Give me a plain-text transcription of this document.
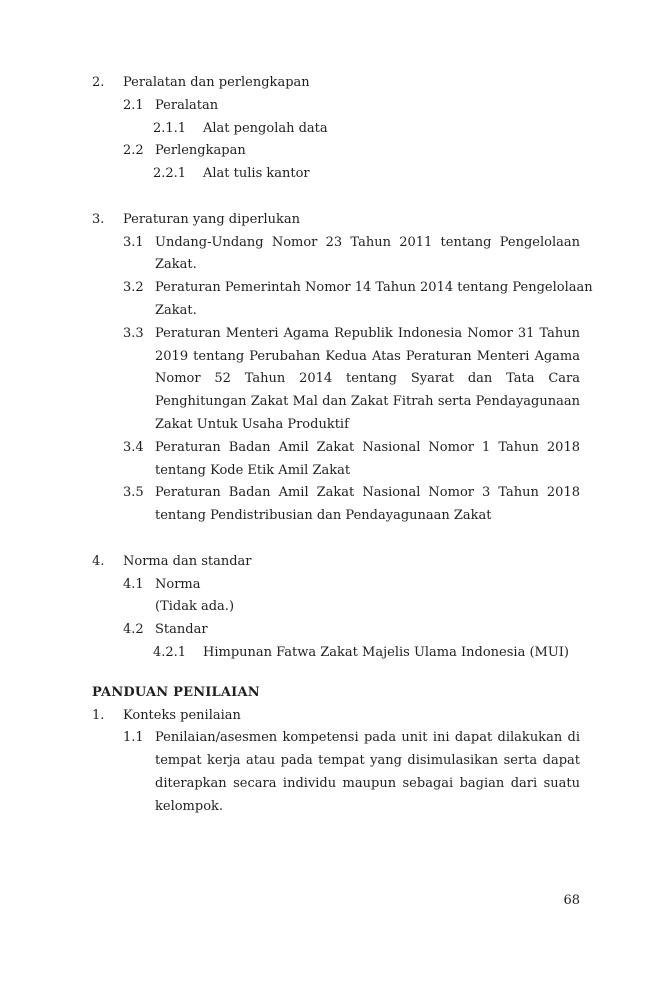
2.	Peralatan dan perlengkapan
2.1 Peralatan
2.1.1	Alat pengolah data
2.2 Perlengkapan
2.2.1	Alat tulis kantor
3.	Peraturan yang diperlukan
3.1 Undang-Undang Nomor 23 Tahun 2011 tentang Pengelolaan
Zakat.
3.2 Peraturan Pemerintah Nomor 14 Tahun 2014 tentang Pengelolaan
Zakat.
3.3 Peraturan Menteri Agama Republik Indonesia Nomor 31 Tahun
2019 tentang Perubahan Kedua Atas Peraturan Menteri Agama
Nomor 52 Tahun 2014 tentang Syarat dan Tata Cara
Penghitungan Zakat Mal dan Zakat Fitrah serta Pendayagunaan
Zakat Untuk Usaha Produktif
3.4 Peraturan Badan Amil Zakat Nasional Nomor 1 Tahun 2018
tentang Kode Etik Amil Zakat
3.5 Peraturan Badan Amil Zakat Nasional Nomor 3 Tahun 2018
tentang Pendistribusian dan Pendayagunaan Zakat
4.	Norma dan standar
4.1 Norma
(Tidak ada.)
4.2 Standar
4.2.1	Himpunan Fatwa Zakat Majelis Ulama Indonesia (MUI)
PANDUAN PENILAIAN
1.	Konteks penilaian
1.1 Penilaian/asesmen kompetensi pada unit ini dapat dilakukan di
tempat kerja atau pada tempat yang disimulasikan serta dapat
diterapkan secara individu maupun sebagai bagian dari suatu
kelompok.
68
